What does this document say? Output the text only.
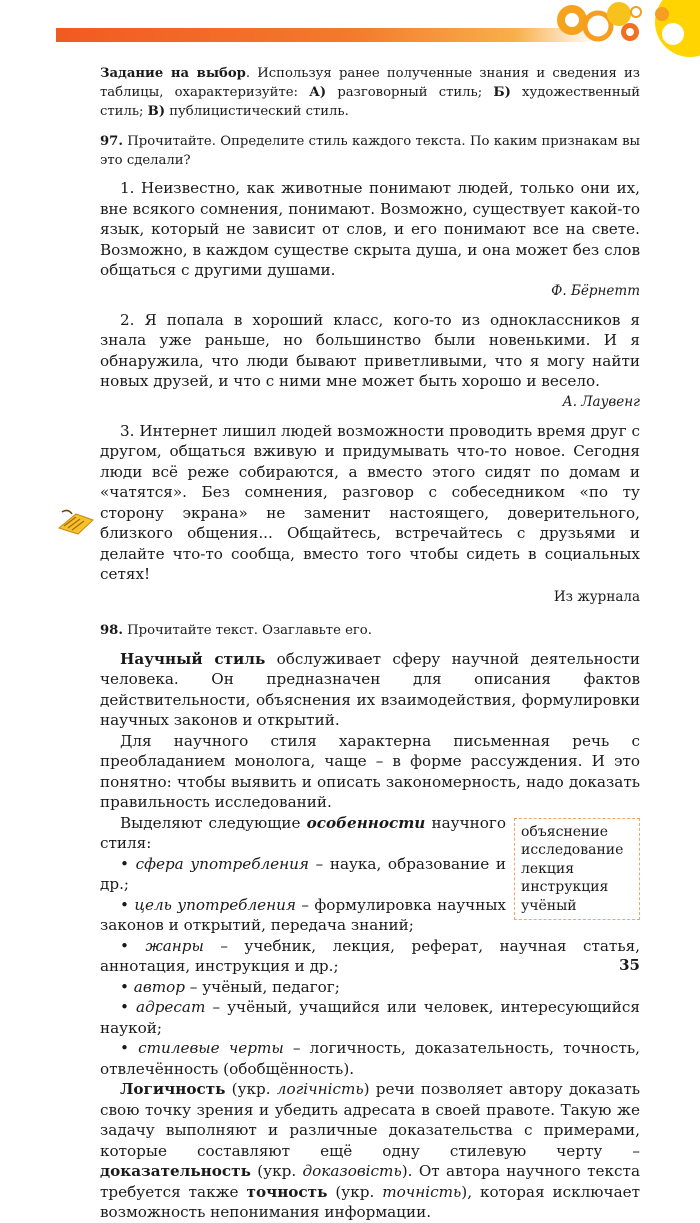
Задание на выбор. Используя ранее полученные знания и сведения из таблицы, охарактеризуйте: А) разговорный стиль; Б) художественный стиль; В) публицистический стиль.

97. Прочитайте. Определите стиль каждого текста. По каким признакам вы это сделали?

1. Неизвестно, как животные понимают людей, только они их, вне всякого сомнения, понимают. Возможно, существует какой-то язык, который не зависит от слов, и его понимают все на свете. Возможно, в каждом существе скрыта душа, и она может без слов общаться с другими душами.

Ф. Бёрнетт

2. Я попала в хороший класс, кого-то из одноклассников я знала уже раньше, но большинство были новенькими. И я обнаружила, что люди бывают приветливыми, что я могу найти новых друзей, и что с ними мне может быть хорошо и весело.

А. Лаувенг

3. Интернет лишил людей возможности проводить время друг с другом, общаться вживую и придумывать что-то новое. Сегодня люди всё реже собираются, а вместо этого сидят по домам и «чатятся». Без сомнения, разговор с собеседником «по ту сторону экрана» не заменит настоящего, доверительного, близкого общения... Общайтесь, встречайтесь с друзьями и делайте что-то сообща, вместо того чтобы сидеть в социальных сетях!

Из журнала

98. Прочитайте текст. Озаглавьте его.

Научный стиль обслуживает сферу научной деятельности человека. Он предназначен для описания фактов действительности, объяснения их взаимодействия, формулировки научных законов и открытий.

Для научного стиля характерна письменная речь с преобладанием монолога, чаще – в форме рассуждения. И это понятно: чтобы выявить и описать закономерность, надо доказать правильность исследований.

объяснение
исследование
лекция
инструкция
учёный

Выделяют следующие особенности научного стиля:

• сфера употребления – наука, образование и др.;

• цель употребления – формулировка научных законов и открытий, передача знаний;

• жанры – учебник, лекция, реферат, научная статья, аннотация, инструкция и др.;

• автор – учёный, педагог;

• адресат – учёный, учащийся или человек, интересующийся наукой;

• стилевые черты – логичность, доказательность, точность, отвлечённость (обобщённость).

Логичность (укр. логічність) речи позволяет автору доказать свою точку зрения и убедить адресата в своей правоте. Такую же задачу выполняют и различные доказательства с примерами, которые составляют ещё одну стилевую черту – доказательность (укр. доказовість). От автора научного текста требуется также точность (укр. точність), которая исключает возможность непонимания информации.

35
